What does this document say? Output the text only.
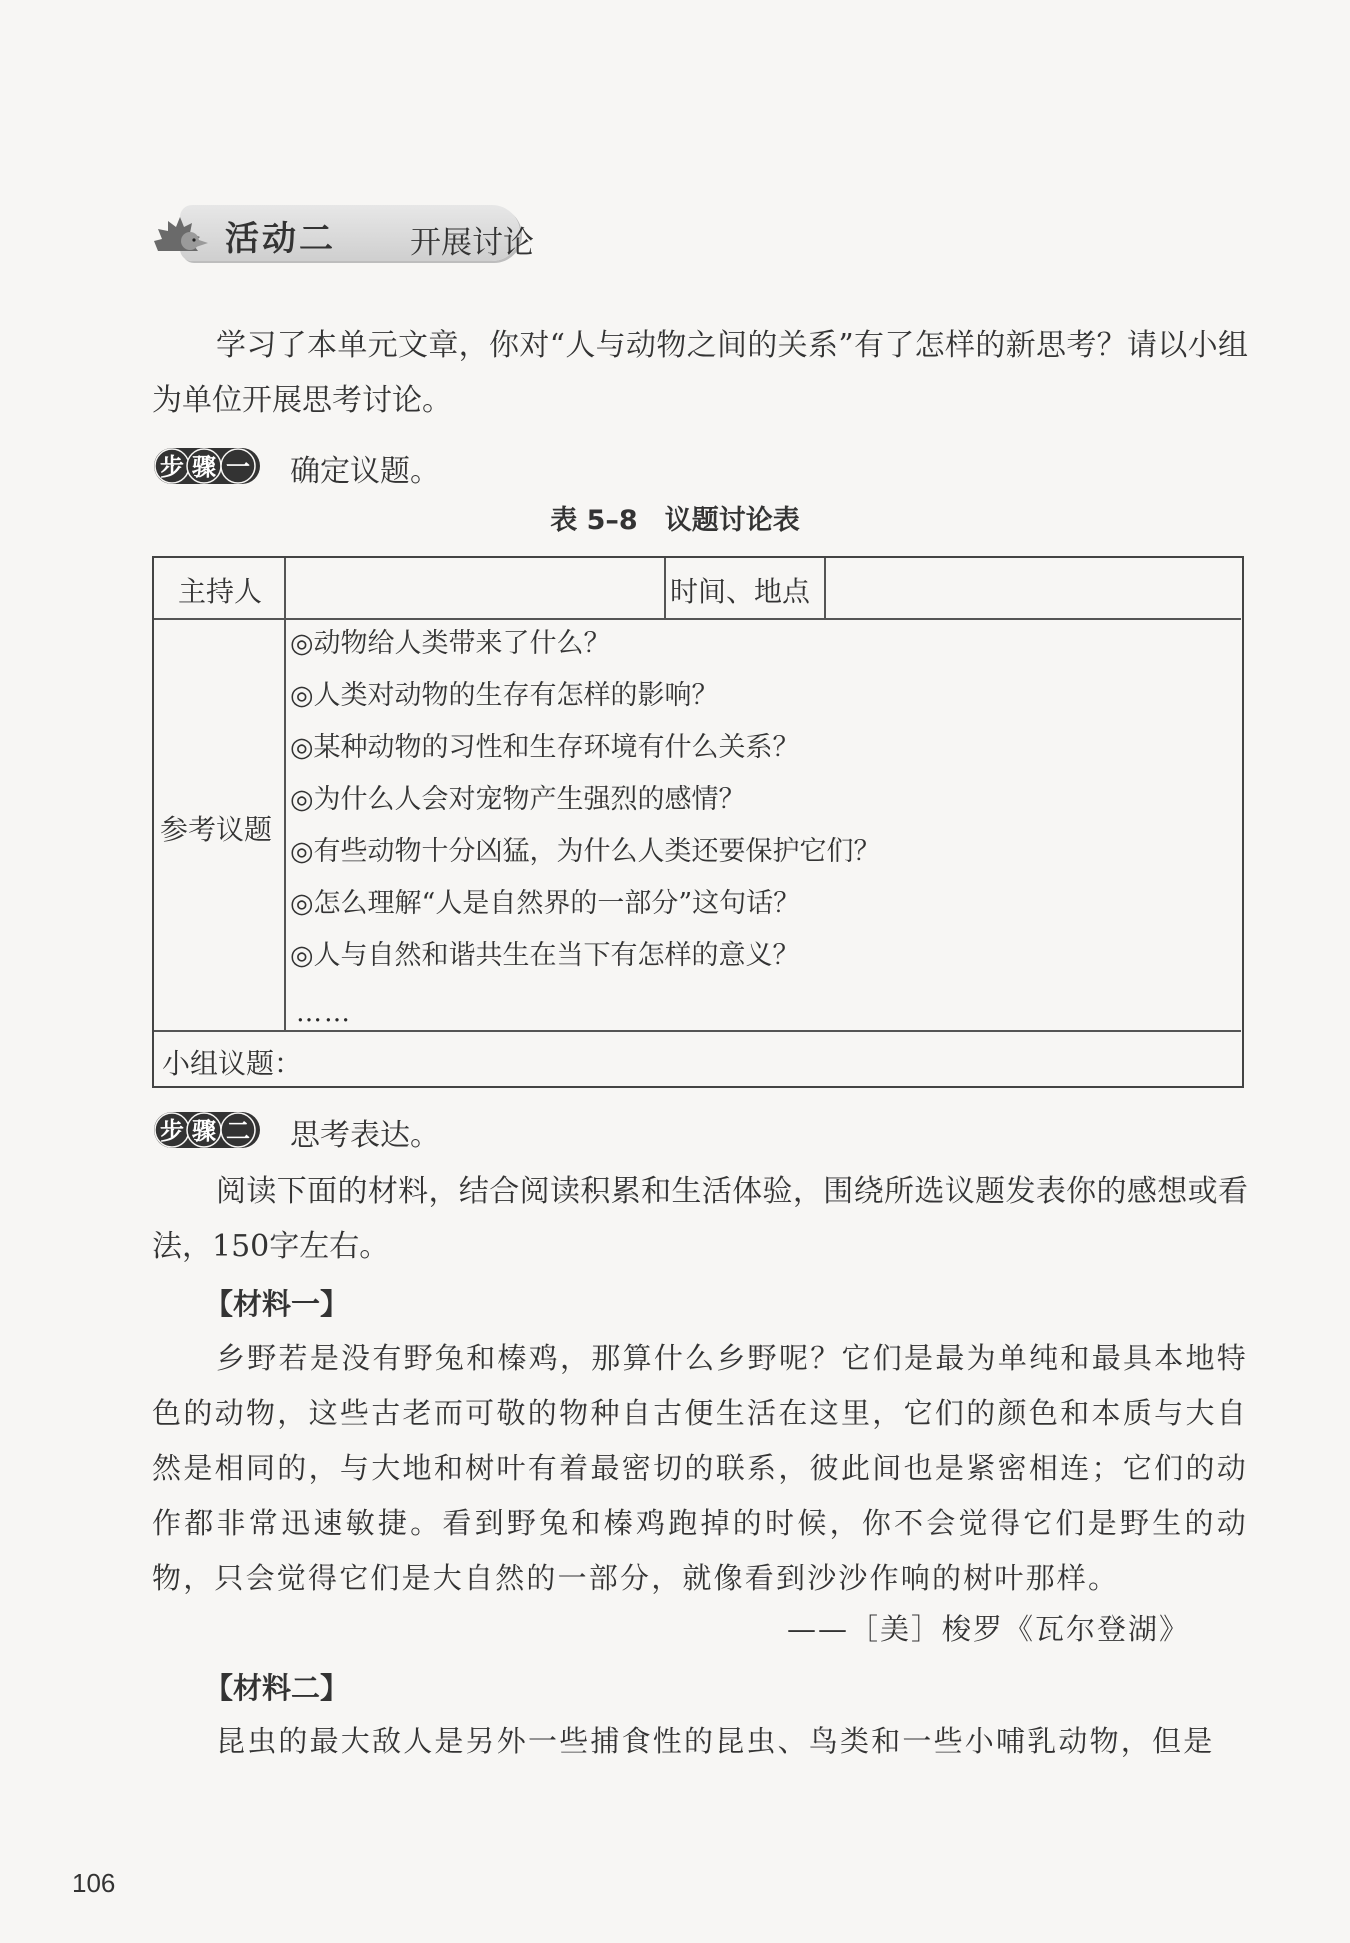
活动二 开展讨论

学习了本单元文章，你对“人与动物之间的关系”有了怎样的新思考？请以小组为单位开展思考讨论。

步 骤 一 确定议题。
表 5–8　议题讨论表
主持人	时间、地点
参考议题
◎动物给人类带来了什么？
◎人类对动物的生存有怎样的影响？
◎某种动物的习性和生存环境有什么关系？
◎为什么人会对宠物产生强烈的感情？
◎有些动物十分凶猛，为什么人类还要保护它们？
◎怎么理解“人是自然界的一部分”这句话？
◎人与自然和谐共生在当下有怎样的意义？
……
小组议题：
步 骤 二 思考表达。

阅读下面的材料，结合阅读积累和生活体验，围绕所选议题发表你的感想或看法，150字左右。

【材料一】

乡野若是没有野兔和榛鸡，那算什么乡野呢？它们是最为单纯和最具本地特色的动物，这些古老而可敬的物种自古便生活在这里，它们的颜色和本质与大自然是相同的，与大地和树叶有着最密切的联系，彼此间也是紧密相连；它们的动作都非常迅速敏捷。看到野兔和榛鸡跑掉的时候，你不会觉得它们是野生的动物，只会觉得它们是大自然的一部分，就像看到沙沙作响的树叶那样。

——［美］梭罗《瓦尔登湖》
【材料二】

昆虫的最大敌人是另外一些捕食性的昆虫、鸟类和一些小哺乳动物，但是

106
